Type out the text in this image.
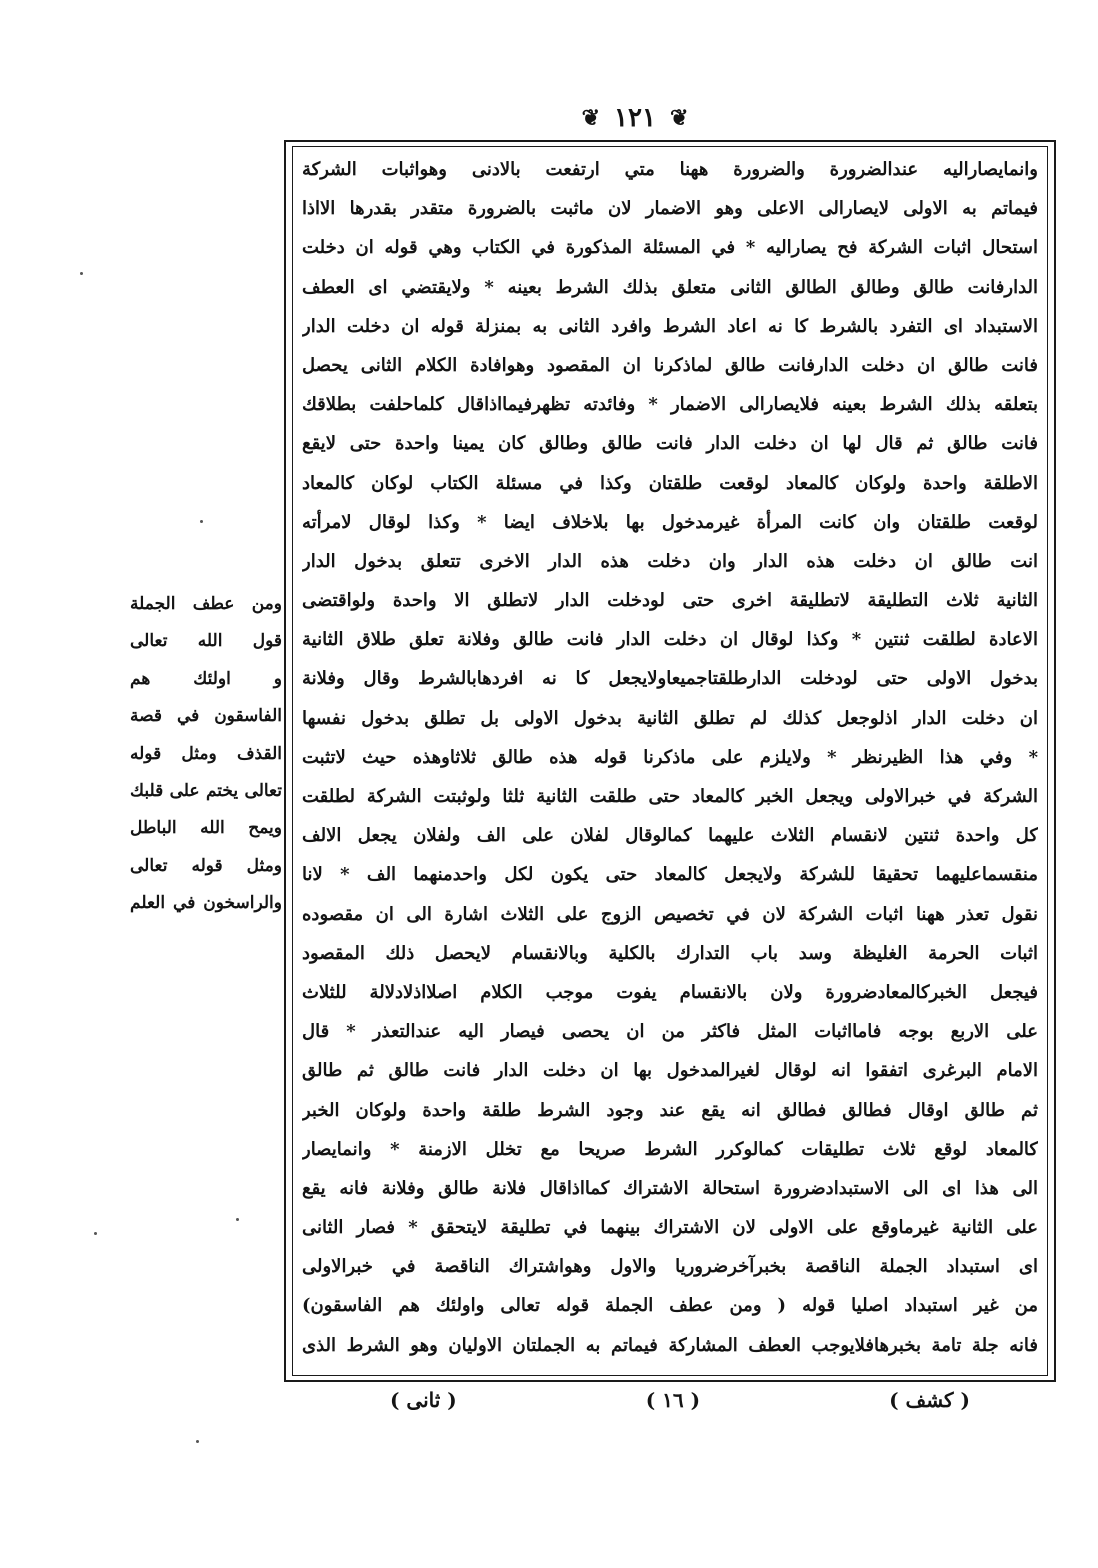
❦
١٢١
❦
وانمايصاراليه عندالضرورة والضرورة ههنا متي ارتفعت بالادنى وهواثبات الشركة
فيماتم به الاولى لايصارالى الاعلى وهو الاضمار لان ماثبت بالضرورة متقدر بقدرها الااذا
استحال اثبات الشركة فح يصاراليه * في المسئلة المذكورة في الكتاب وهي قوله ان دخلت
الدارفانت طالق وطالق الطالق الثانى متعلق بذلك الشرط بعينه * ولايقتضي اى العطف
الاستبداد اى التفرد بالشرط كا نه اعاد الشرط وافرد الثانى به بمنزلة قوله ان دخلت الدار
فانت طالق ان دخلت الدارفانت طالق لماذكرنا ان المقصود وهوافادة الكلام الثانى يحصل
بتعلقه بذلك الشرط بعينه فلايصارالى الاضمار * وفائدته تظهرفيمااذاقال كلماحلفت بطلاقك
فانت طالق ثم قال لها ان دخلت الدار فانت طالق وطالق كان يمينا واحدة حتى لايقع
الاطلقة واحدة ولوكان كالمعاد لوقعت طلقتان وكذا في مسئلة الكتاب لوكان كالمعاد
لوقعت طلقتان وان كانت المرأة غيرمدخول بها بلاخلاف ايضا * وكذا لوقال لامرأته
انت طالق ان دخلت هذه الدار وان دخلت هذه الدار الاخرى تتعلق بدخول الدار
الثانية ثلاث التطليقة لاتطليقة اخرى حتى لودخلت الدار لاتطلق الا واحدة ولواقتضى
الاعادة لطلقت ثنتين * وكذا لوقال ان دخلت الدار فانت طالق وفلانة تعلق طلاق الثانية
بدخول الاولى حتى لودخلت الدارطلقتاجميعاولايجعل كا نه افردهابالشرط وقال وفلانة
ان دخلت الدار اذلوجعل كذلك لم تطلق الثانية بدخول الاولى بل تطلق بدخول نفسها
* وفي هذا الظيرنظر * ولايلزم على ماذكرنا قوله هذه طالق ثلاثاوهذه حيث لاتثبت
الشركة في خبرالاولى ويجعل الخبر كالمعاد حتى طلقت الثانية ثلثا ولوثبتت الشركة لطلقت
كل واحدة ثنتين لانقسام الثلاث عليهما كمالوقال لفلان على الف ولفلان يجعل الالف
منقسماعليهما تحقيقا للشركة ولايجعل كالمعاد حتى يكون لكل واحدمنهما الف * لانا
نقول تعذر ههنا اثبات الشركة لان في تخصيص الزوج على الثلاث اشارة الى ان مقصوده
اثبات الحرمة الغليظة وسد باب التدارك بالكلية وبالانقسام لايحصل ذلك المقصود
فيجعل الخبركالمعادضرورة ولان بالانقسام يفوت موجب الكلام اصلااذلادلالة للثلاث
على الاربع بوجه فامااثبات المثل فاكثر من ان يحصى فيصار اليه عندالتعذر * قال
الامام البرغرى اتفقوا انه لوقال لغيرالمدخول بها ان دخلت الدار فانت طالق ثم طالق
ثم طالق اوقال فطالق فطالق انه يقع عند وجود الشرط طلقة واحدة ولوكان الخبر
كالمعاد لوقع ثلاث تطليقات كمالوكرر الشرط صريحا مع تخلل الازمنة * وانمايصار
الى هذا اى الى الاستبدادضرورة استحالة الاشتراك كمااذاقال فلانة طالق وفلانة فانه يقع
على الثانية غيرماوقع على الاولى لان الاشتراك بينهما في تطليقة لايتحقق * فصار الثانى
اى استبداد الجملة الناقصة بخبرآخرضروريا والاول وهواشتراك الناقصة في خبرالاولى
من غير استبداد اصليا قوله ( ومن عطف الجملة قوله تعالى واولئك هم الفاسقون)
فانه جلة تامة بخبرهافلايوجب العطف المشاركة فيماتم به الجملتان الاوليان وهو الشرط الذى
ومن عطف الجملة
قول الله تعالى
و اولئك هم
الفاسقون في قصة
القذف ومثل قوله
تعالى يختم على قلبك
ويمح الله الباطل
ومثل قوله تعالى
والراسخون في العلم
( كشف )
( ١٦ )
( ثانى )
